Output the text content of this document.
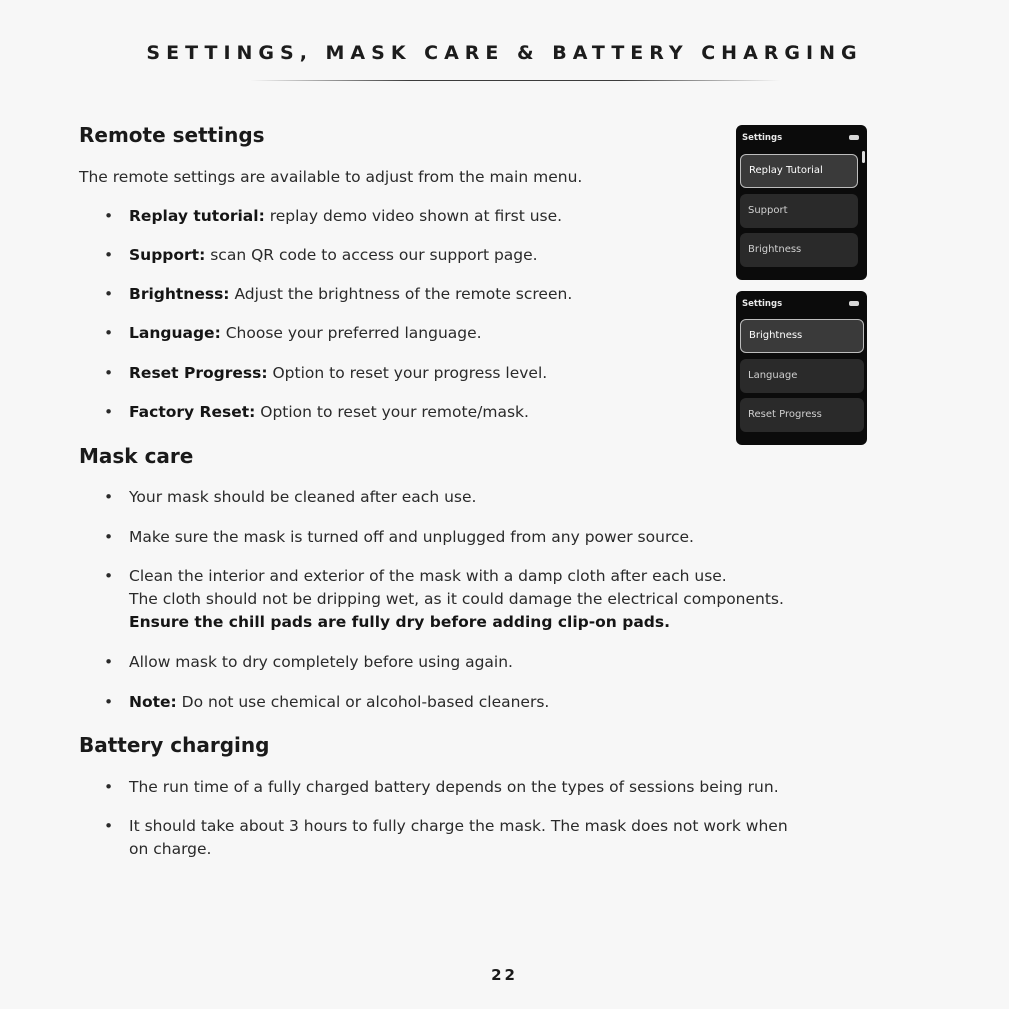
SETTINGS, MASK CARE & BATTERY CHARGING
Remote settings

The remote settings are available to adjust from the main menu.

• Replay tutorial: replay demo video shown at first use.
• Support: scan QR code to access our support page.
• Brightness: Adjust the brightness of the remote screen.
• Language: Choose your preferred language.
• Reset Progress: Option to reset your progress level.
• Factory Reset: Option to reset your remote/mask.
Settings
Replay Tutorial
Support
Brightness
Settings
Brightness
Language
Reset Progress
Mask care
• Your mask should be cleaned after each use.
• Make sure the mask is turned off and unplugged from any power source.
• Clean the interior and exterior of the mask with a damp cloth after each use.
The cloth should not be dripping wet, as it could damage the electrical components.
Ensure the chill pads are fully dry before adding clip-on pads.
• Allow mask to dry completely before using again.
• Note: Do not use chemical or alcohol-based cleaners.
Battery charging
• The run time of a fully charged battery depends on the types of sessions being run.
• It should take about 3 hours to fully charge the mask. The mask does not work when
on charge.
22
